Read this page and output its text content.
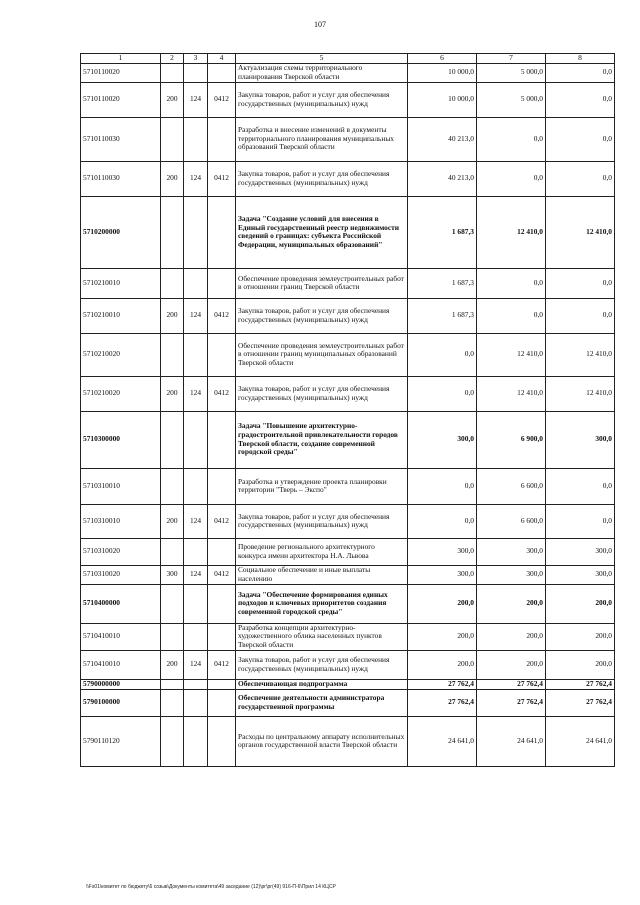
107
1	2	3	4	5	6	7	8
5710110020				Актуализация схемы территориального планирования Тверской области	10 000,0	5 000,0	0,0
5710110020	200	124	0412	Закупка товаров, работ и услуг для обеспечения государственных (муниципальных) нужд	10 000,0	5 000,0	0,0
5710110030				Разработка и внесение изменений в документы территориального планирования муниципальных образований Тверской области	40 213,0	0,0	0,0
5710110030	200	124	0412	Закупка товаров, работ и услуг для обеспечения государственных (муниципальных) нужд	40 213,0	0,0	0,0
5710200000				Задача "Создание условий для внесения в Единый государственный реестр недвижимости сведений о границах: субъекта Российской Федерации, муниципальных образований"	1 687,3	12 410,0	12 410,0
5710210010				Обеспечение проведения землеустроительных работ в отношении границ Тверской области	1 687,3	0,0	0,0
5710210010	200	124	0412	Закупка товаров, работ и услуг для обеспечения государственных (муниципальных) нужд	1 687,3	0,0	0,0
5710210020				Обеспечение проведения землеустроительных работ в отношении границ муниципальных образований Тверской области	0,0	12 410,0	12 410,0
5710210020	200	124	0412	Закупка товаров, работ и услуг для обеспечения государственных (муниципальных) нужд	0,0	12 410,0	12 410,0
5710300000				Задача "Повышение архитектурно-градостроительной привлекательности городов Тверской области, создание современной городской среды"	300,0	6 900,0	300,0
5710310010				Разработка и утверждение проекта планировки территории "Тверь – Экспо"	0,0	6 600,0	0,0
5710310010	200	124	0412	Закупка товаров, работ и услуг для обеспечения государственных (муниципальных) нужд	0,0	6 600,0	0,0
5710310020				Проведение регионального архитектурного конкурса имени архитектора Н.А. Львова	300,0	300,0	300,0
5710310020	300	124	0412	Социальное обеспечение и иные выплаты населению	300,0	300,0	300,0
5710400000				Задача "Обеспечение формирования единых подходов и ключевых приоритетов создания современной городской среды"	200,0	200,0	200,0
5710410010				Разработка концепции архитектурно-художественного облика населенных пунктов Тверской области	200,0	200,0	200,0
5710410010	200	124	0412	Закупка товаров, работ и услуг для обеспечения государственных (муниципальных) нужд	200,0	200,0	200,0
5790000000				Обеспечивающая подпрограмма	27 762,4	27 762,4	27 762,4
5790100000				Обеспечение деятельности администратора государственной программы	27 762,4	27 762,4	27 762,4
5790110120				Расходы по центральному аппарату исполнительных органов государственной власти Тверской области	24 641,0	24 641,0	24 641,0
\\Fs01\комитет по бюджету\6 созыв\Документы комитета\49 заседание (12)\рг\рг(49) 916-П-6\Прил 14 КЦСР
